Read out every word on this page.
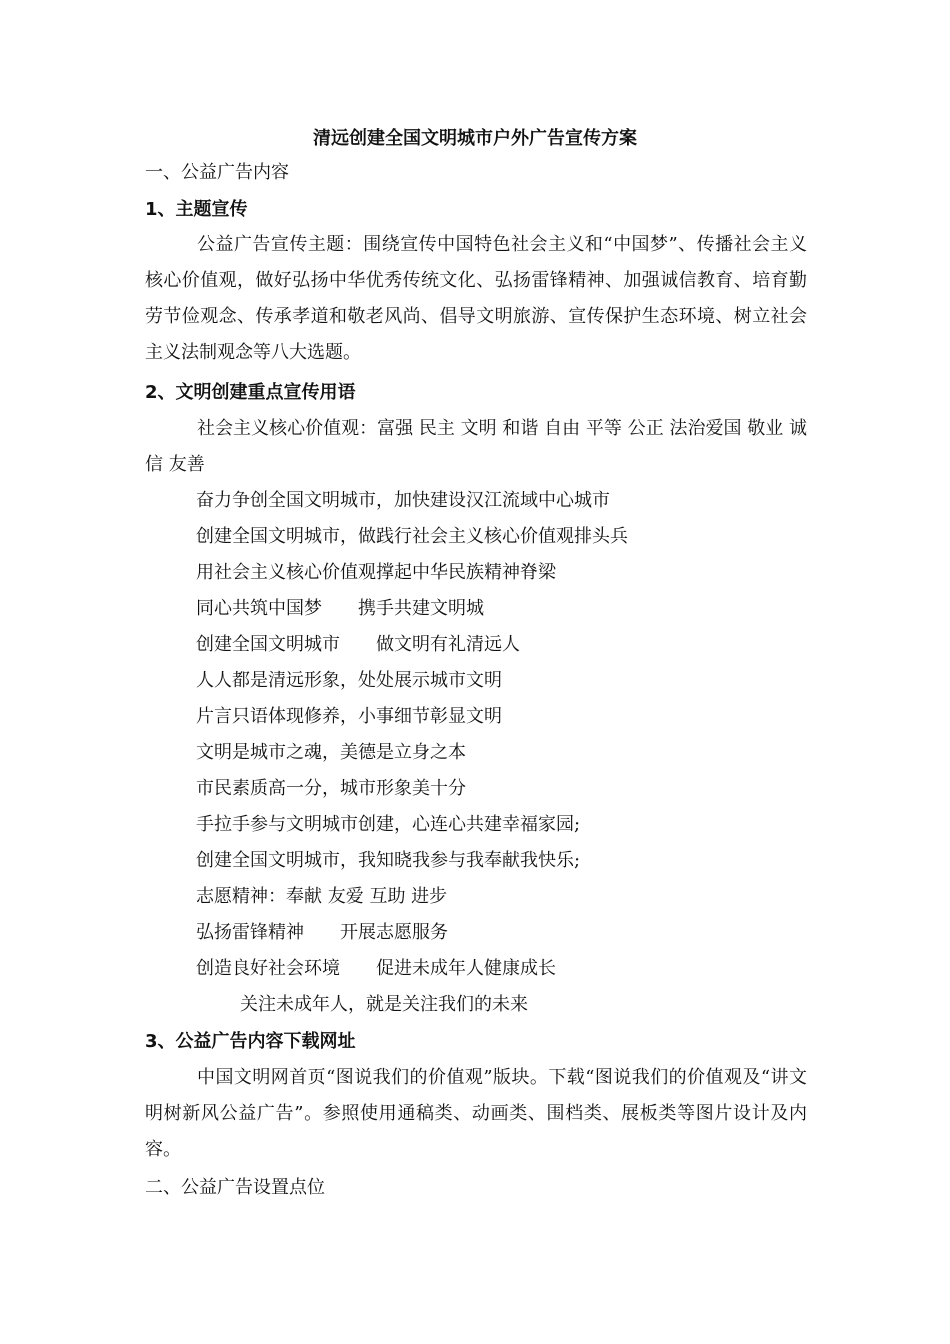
清远创建全国文明城市户外广告宣传方案
一、公益广告内容
1、主题宣传
公益广告宣传主题：围绕宣传中国特色社会主义和“中国梦”、传播社会主义核心价值观，做好弘扬中华优秀传统文化、弘扬雷锋精神、加强诚信教育、培育勤劳节俭观念、传承孝道和敬老风尚、倡导文明旅游、宣传保护生态环境、树立社会主义法制观念等八大选题。
2、文明创建重点宣传用语
社会主义核心价值观：富强 民主 文明 和谐 自由 平等 公正 法治爱国 敬业 诚信 友善
奋力争创全国文明城市，加快建设汉江流域中心城市
创建全国文明城市，做践行社会主义核心价值观排头兵
用社会主义核心价值观撑起中华民族精神脊梁
同心共筑中国梦　　携手共建文明城
创建全国文明城市　　做文明有礼清远人
人人都是清远形象，处处展示城市文明
片言只语体现修养，小事细节彰显文明
文明是城市之魂，美德是立身之本
市民素质高一分，城市形象美十分
手拉手参与文明城市创建，心连心共建幸福家园;
创建全国文明城市，我知晓我参与我奉献我快乐;
志愿精神：奉献 友爱 互助 进步
弘扬雷锋精神　　开展志愿服务
创造良好社会环境　　促进未成年人健康成长
关注未成年人，就是关注我们的未来
3、公益广告内容下载网址
中国文明网首页“图说我们的价值观”版块。下载“图说我们的价值观及“讲文明树新风公益广告”。参照使用通稿类、动画类、围档类、展板类等图片设计及内容。
二、公益广告设置点位
